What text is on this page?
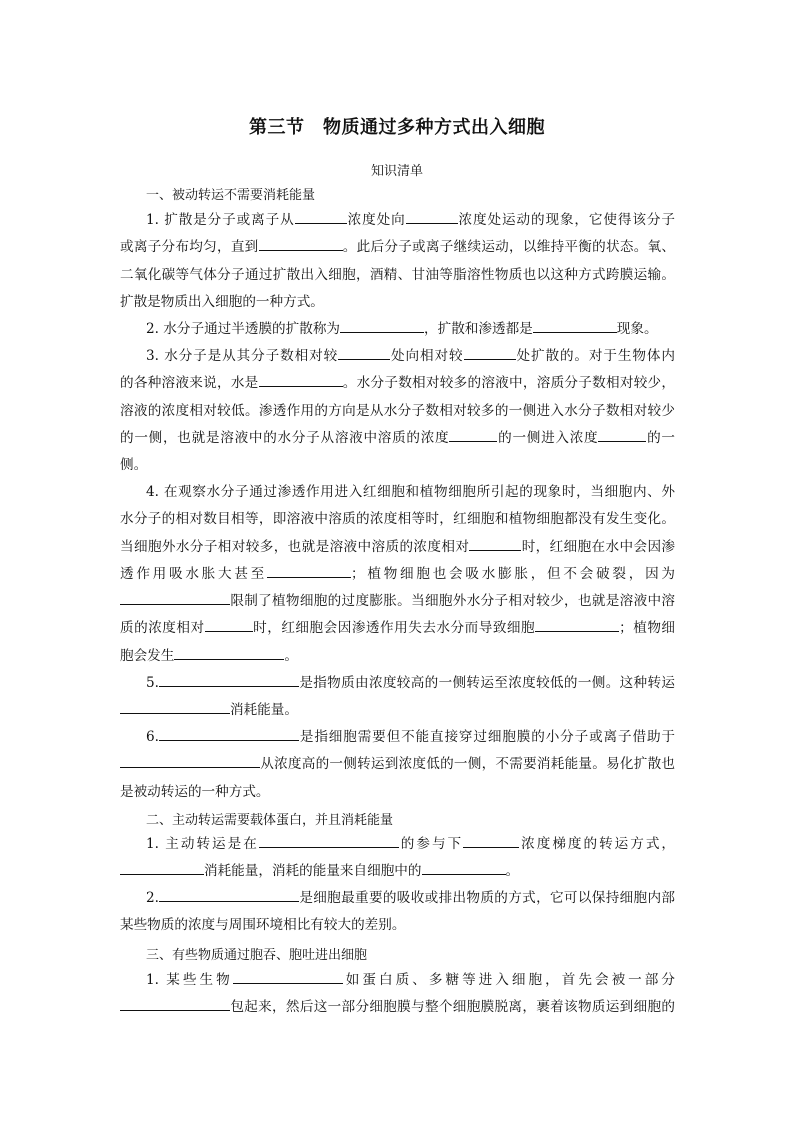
第三节　物质通过多种方式出入细胞
知识清单
一、被动转运不需要消耗能量
1. 扩散是分子或离子从	浓度处向	浓度处运动的现象，它使得该分子
或离子分布均匀，直到	。此后分子或离子继续运动，以维持平衡的状态。氧、
二氧化碳等气体分子通过扩散出入细胞，酒精、甘油等脂溶性物质也以这种方式跨膜运输。
扩散是物质出入细胞的一种方式。
2. 水分子通过半透膜的扩散称为	，扩散和渗透都是	现象。
3. 水分子是从其分子数相对较	处向相对较	处扩散的。对于生物体内
的各种溶液来说，水是	。水分子数相对较多的溶液中，溶质分子数相对较少，
溶液的浓度相对较低。渗透作用的方向是从水分子数相对较多的一侧进入水分子数相对较少
的一侧，也就是溶液中的水分子从溶液中溶质的浓度	的一侧进入浓度	的一
侧。
4. 在观察水分子通过渗透作用进入红细胞和植物细胞所引起的现象时，当细胞内、外
水分子的相对数目相等，即溶液中溶质的浓度相等时，红细胞和植物细胞都没有发生变化。
当细胞外水分子相对较多，也就是溶液中溶质的浓度相对	时，红细胞在水中会因渗
透作用吸水胀大甚至	；植物细胞也会吸水膨胀，但不会破裂，因为
限制了植物细胞的过度膨胀。当细胞外水分子相对较少，也就是溶液中溶
质的浓度相对	时，红细胞会因渗透作用失去水分而导致细胞	；植物细
胞会发生	。
5.	是指物质由浓度较高的一侧转运至浓度较低的一侧。这种转运
消耗能量。
6.	是指细胞需要但不能直接穿过细胞膜的小分子或离子借助于
从浓度高的一侧转运到浓度低的一侧，不需要消耗能量。易化扩散也
是被动转运的一种方式。
二、主动转运需要载体蛋白，并且消耗能量
1. 主动转运是在	的参与下	浓度梯度的转运方式，
消耗能量，消耗的能量来自细胞中的	。
2.	是细胞最重要的吸收或排出物质的方式，它可以保持细胞内部
某些物质的浓度与周围环境相比有较大的差别。
三、有些物质通过胞吞、胞吐进出细胞
1. 某些生物	如蛋白质、多糖等进入细胞，首先会被一部分
包起来，然后这一部分细胞膜与整个细胞膜脱离，裹着该物质运到细胞的
